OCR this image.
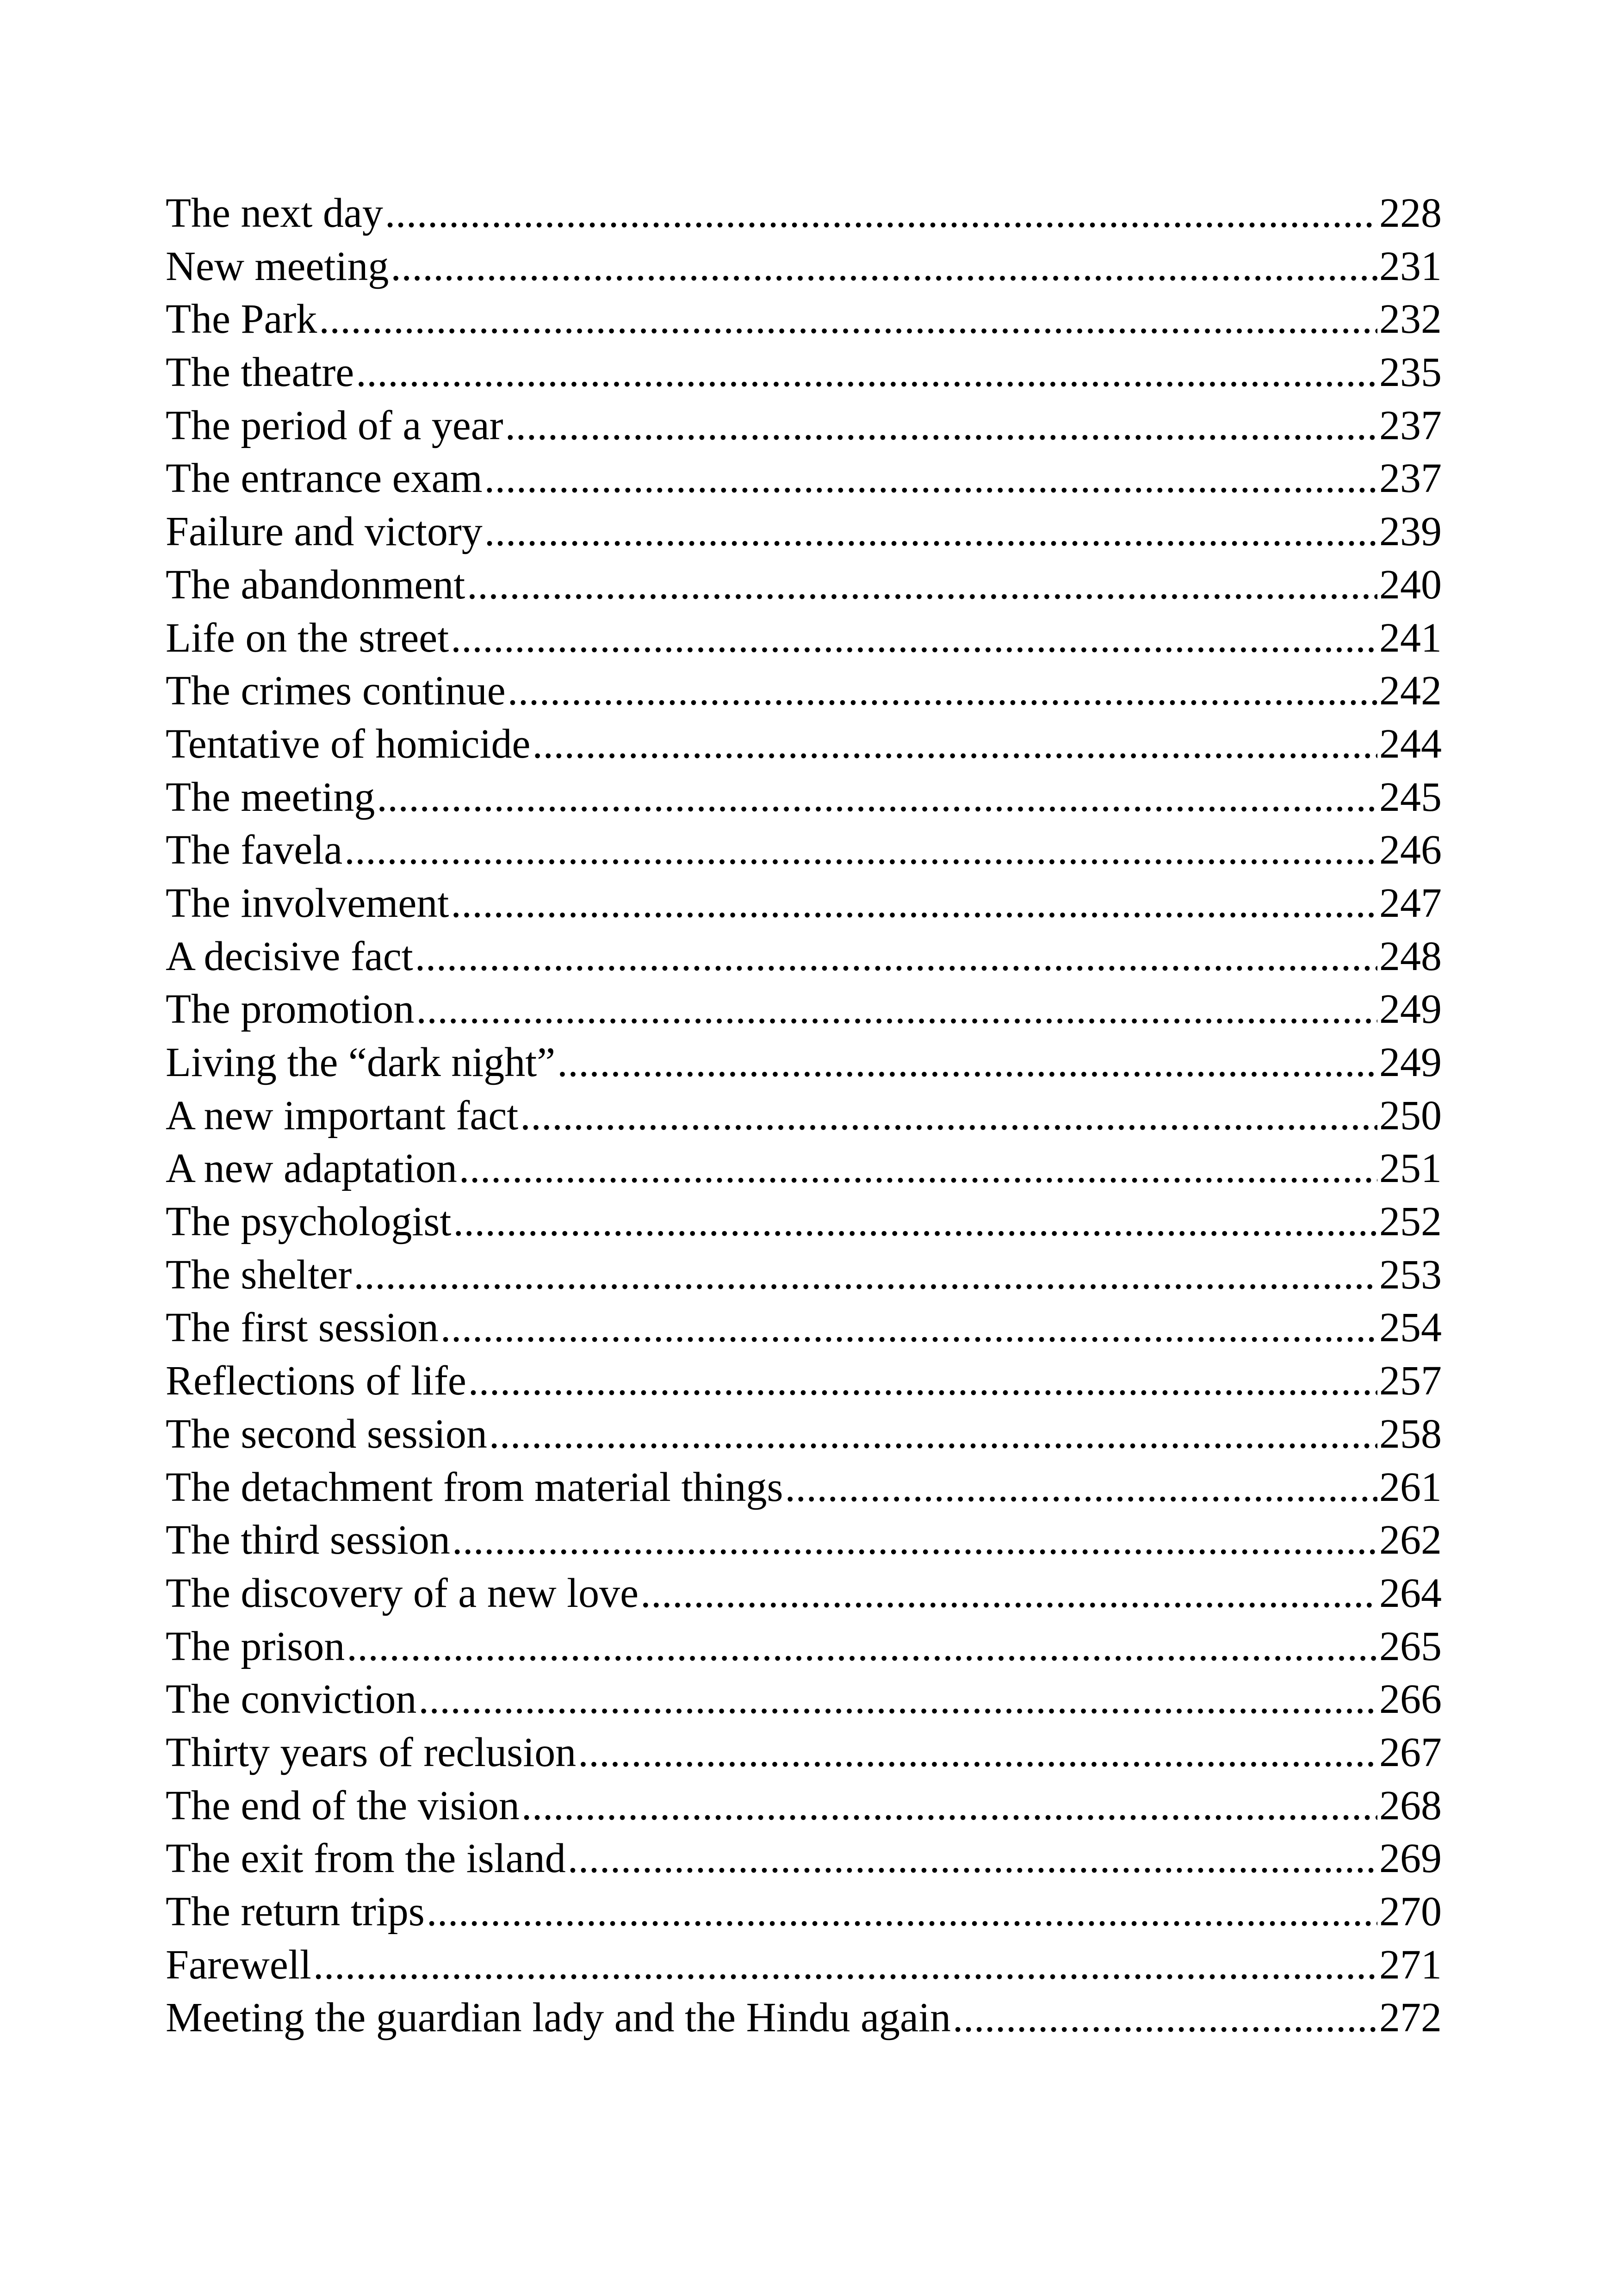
The next day .....	228
New meeting .....	231
The Park .....	232
The theatre .....	235
The period of a year .....	237
The entrance exam .....	237
Failure and victory .....	239
The abandonment .....	240
Life on the street .....	241
The crimes continue .....	242
Tentative of homicide .....	244
The meeting .....	245
The favela .....	246
The involvement .....	247
A decisive fact .....	248
The promotion .....	249
Living the “dark night” .....	249
A new important fact .....	250
A new adaptation .....	251
The psychologist .....	252
The shelter .....	253
The first session .....	254
Reflections of life .....	257
The second session .....	258
The detachment from material things .....	261
The third session .....	262
The discovery of a new love .....	264
The prison .....	265
The conviction .....	266
Thirty years of reclusion .....	267
The end of the vision .....	268
The exit from the island .....	269
The return trips .....	270
Farewell .....	271
Meeting the guardian lady and the Hindu again .....	272
